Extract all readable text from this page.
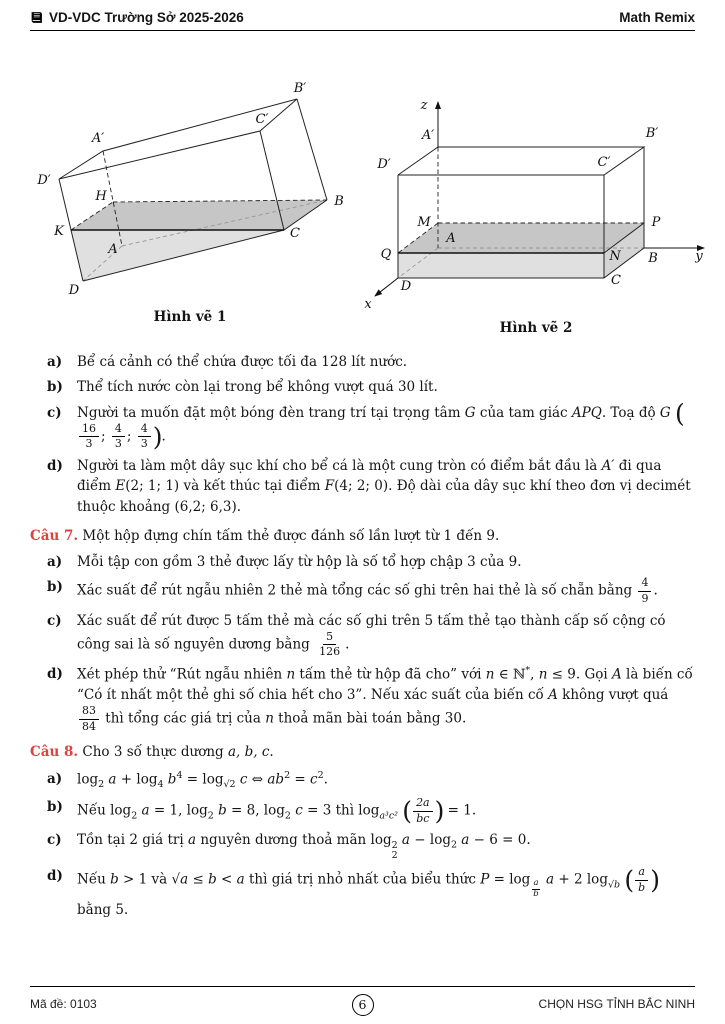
VD-VDC Trường Sở 2025-2026	Math Remix
B′
C′
A′
D′
H	B
K	C
A
D
Hình vẽ 1
z
A′	B′
D′	C′
M	P
A
Q	N B	y
C
D
x
Hình vẽ 2
a)	Bể cá cảnh có thể chứa được tối đa 128 lít nước.
b)	Thể tích nước còn lại trong bể không vượt quá 30 lít.
c)	Người ta muốn đặt một bóng đèn trang trí tại trọng tâm G của tam giác APQ. Toạ độ G (
$\frac{16}{3}$ ; $\frac{4}{3}$ ; $\frac{4}{3}$ ).
d)	Người ta làm một dây sục khí cho bể cá là một cung tròn có điểm bắt đầu là A′ đi qua điểm E(2; 1; 1) và kết thúc tại điểm F(4; 2; 0). Độ dài của dây sục khí theo đơn vị decimét thuộc khoảng (6,2; 6,3).

Câu 7. Một hộp đựng chín tấm thẻ được đánh số lần lượt từ 1 đến 9.

a)	Mỗi tập con gồm 3 thẻ được lấy từ hộp là số tổ hợp chập 3 của 9.
b)	Xác suất để rút ngẫu nhiên 2 thẻ mà tổng các số ghi trên hai thẻ là số chẵn bằng $\frac{4}{9}$ .
c)	Xác suất để rút được 5 tấm thẻ mà các số ghi trên 5 tấm thẻ tạo thành cấp số cộng có công sai là số nguyên dương bằng $\frac{5}{126}$ .
d)	Xét phép thử “Rút ngẫu nhiên n tấm thẻ từ hộp đã cho” với n ∈ ℕ*, n ≤ 9. Gọi A là biến cố “Có ít nhất một thẻ ghi số chia hết cho 3”. Nếu xác suất của biến cố A không vượt quá
$\frac{83}{84}$ thì tổng các giá trị của n thoả mãn bài toán bằng 30.

Câu 8. Cho 3 số thực dương a, b, c.

a)	$\log_2 a + \log_4 b^4 = \log_{√2} c$ ⇔ $ab^2 = c^2$.
b)	Nếu $\log_2 a = 1$, $\log_2 b = 8$, $\log_2 c = 3$ thì $\log_{a^3c^2}$ ( $\frac{2a}{bc}$ ) = 1.
c)	Tồn tại 2 giá trị a nguyên dương thoả mãn log 2
2
$a - \log_2 a - 6 = 0$.
d)	Nếu b > 1 và √a ≤ b < a thì giá trị nhỏ nhất của biểu thức P = log $_{\frac{a}{b}}$ a + 2 $\log_{√b}$ ( $\frac{a}{b}$ ) bằng 5.
Mã đề: 0103	6	CHỌN HSG TỈNH BẮC NINH
